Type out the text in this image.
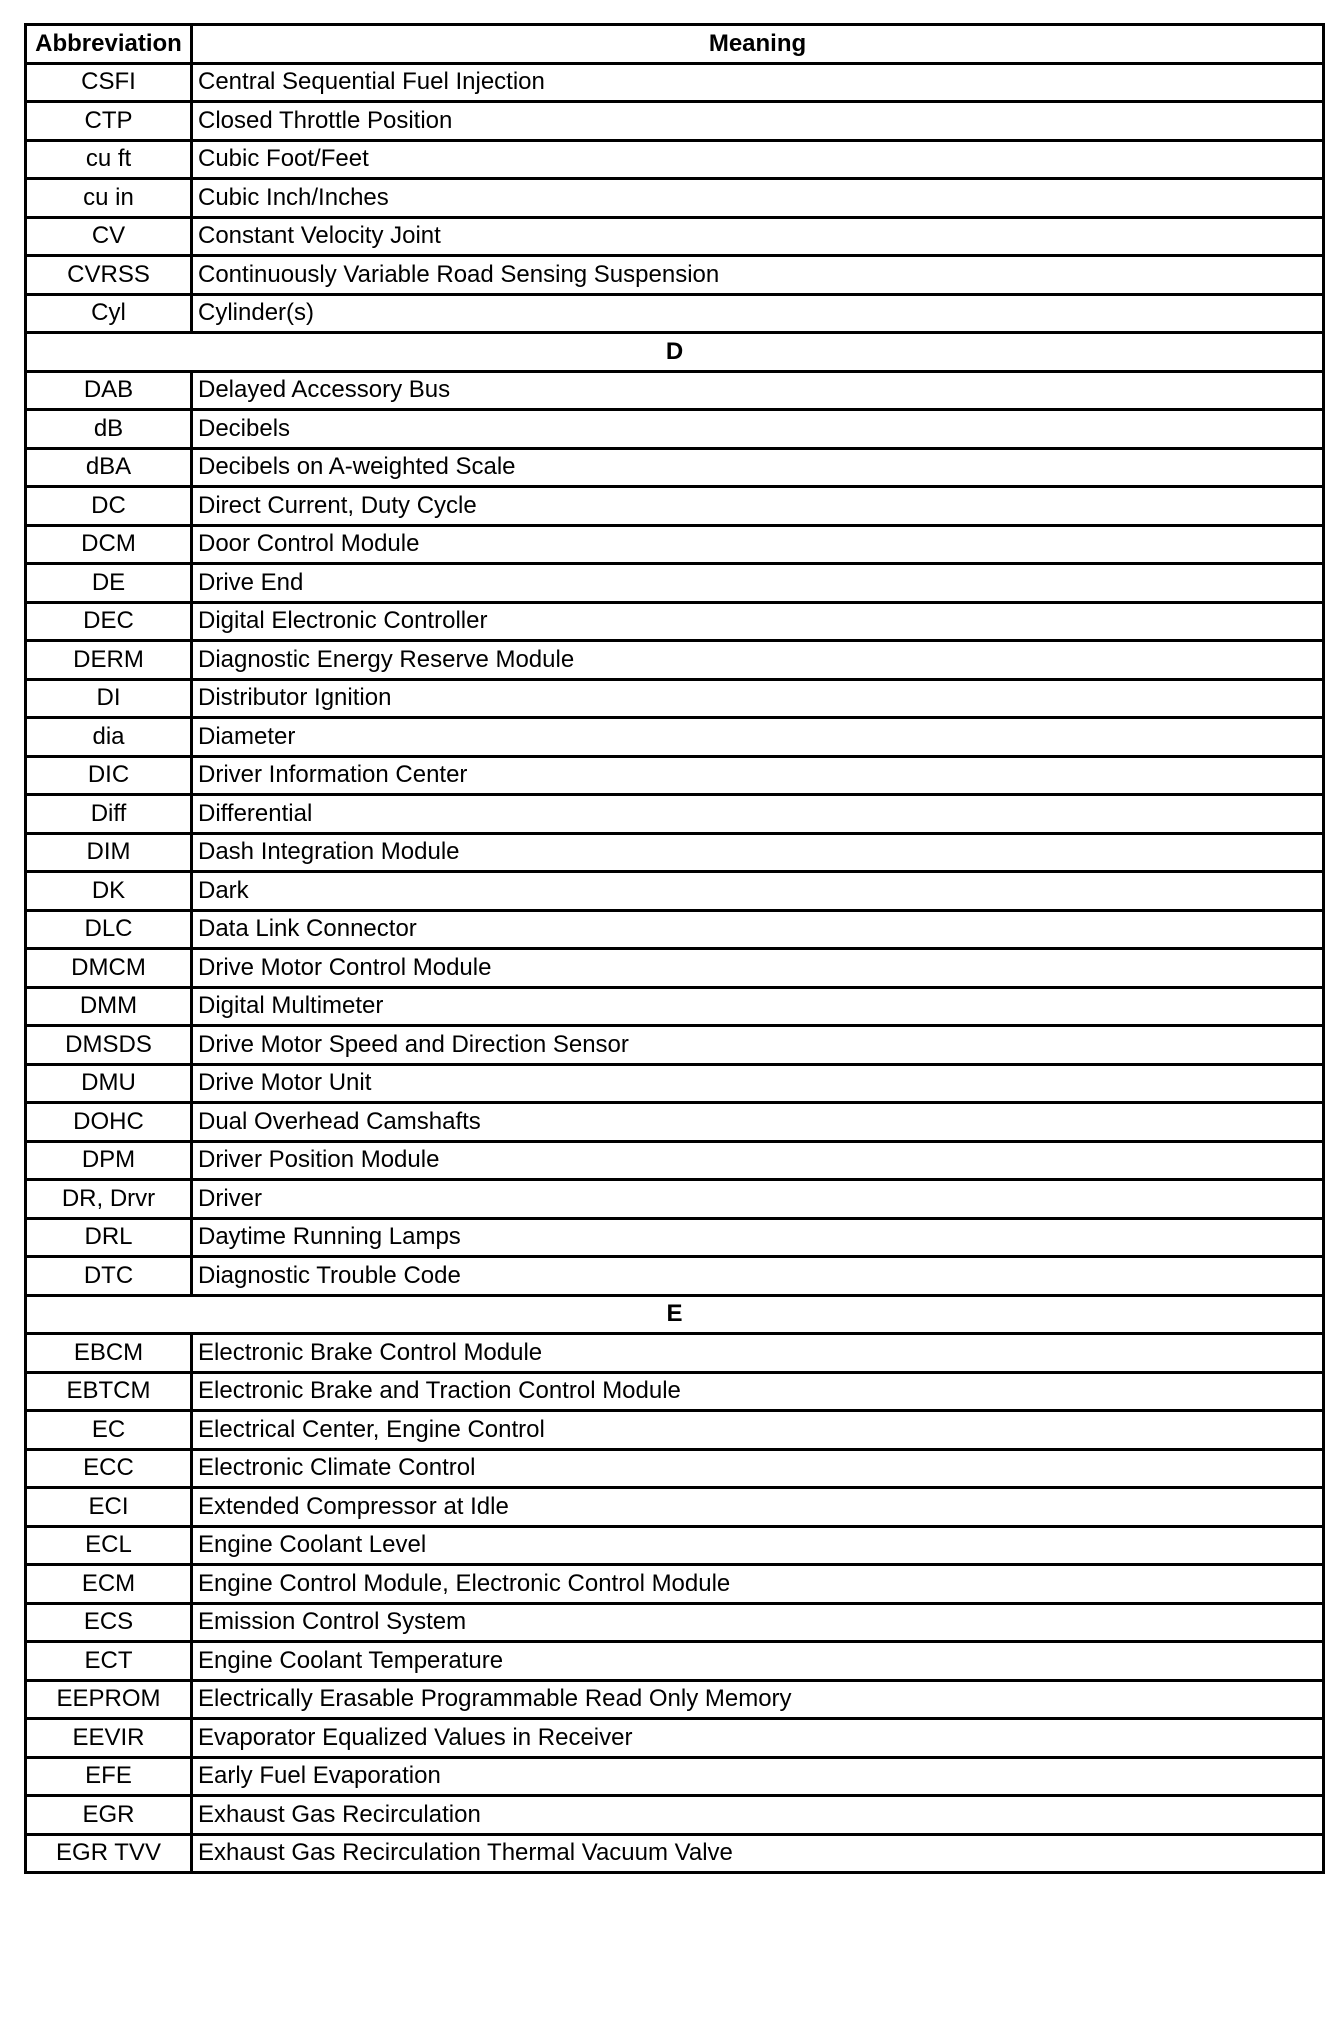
Abbreviation	Meaning
CSFI	Central Sequential Fuel Injection
CTP	Closed Throttle Position
cu ft	Cubic Foot/Feet
cu in	Cubic Inch/Inches
CV	Constant Velocity Joint
CVRSS	Continuously Variable Road Sensing Suspension
Cyl	Cylinder(s)
D	
DAB	Delayed Accessory Bus
dB	Decibels
dBA	Decibels on A-weighted Scale
DC	Direct Current, Duty Cycle
DCM	Door Control Module
DE	Drive End
DEC	Digital Electronic Controller
DERM	Diagnostic Energy Reserve Module
DI	Distributor Ignition
dia	Diameter
DIC	Driver Information Center
Diff	Differential
DIM	Dash Integration Module
DK	Dark
DLC	Data Link Connector
DMCM	Drive Motor Control Module
DMM	Digital Multimeter
DMSDS	Drive Motor Speed and Direction Sensor
DMU	Drive Motor Unit
DOHC	Dual Overhead Camshafts
DPM	Driver Position Module
DR, Drvr	Driver
DRL	Daytime Running Lamps
DTC	Diagnostic Trouble Code
E	
EBCM	Electronic Brake Control Module
EBTCM	Electronic Brake and Traction Control Module
EC	Electrical Center, Engine Control
ECC	Electronic Climate Control
ECI	Extended Compressor at Idle
ECL	Engine Coolant Level
ECM	Engine Control Module, Electronic Control Module
ECS	Emission Control System
ECT	Engine Coolant Temperature
EEPROM	Electrically Erasable Programmable Read Only Memory
EEVIR	Evaporator Equalized Values in Receiver
EFE	Early Fuel Evaporation
EGR	Exhaust Gas Recirculation
EGR TVV	Exhaust Gas Recirculation Thermal Vacuum Valve
